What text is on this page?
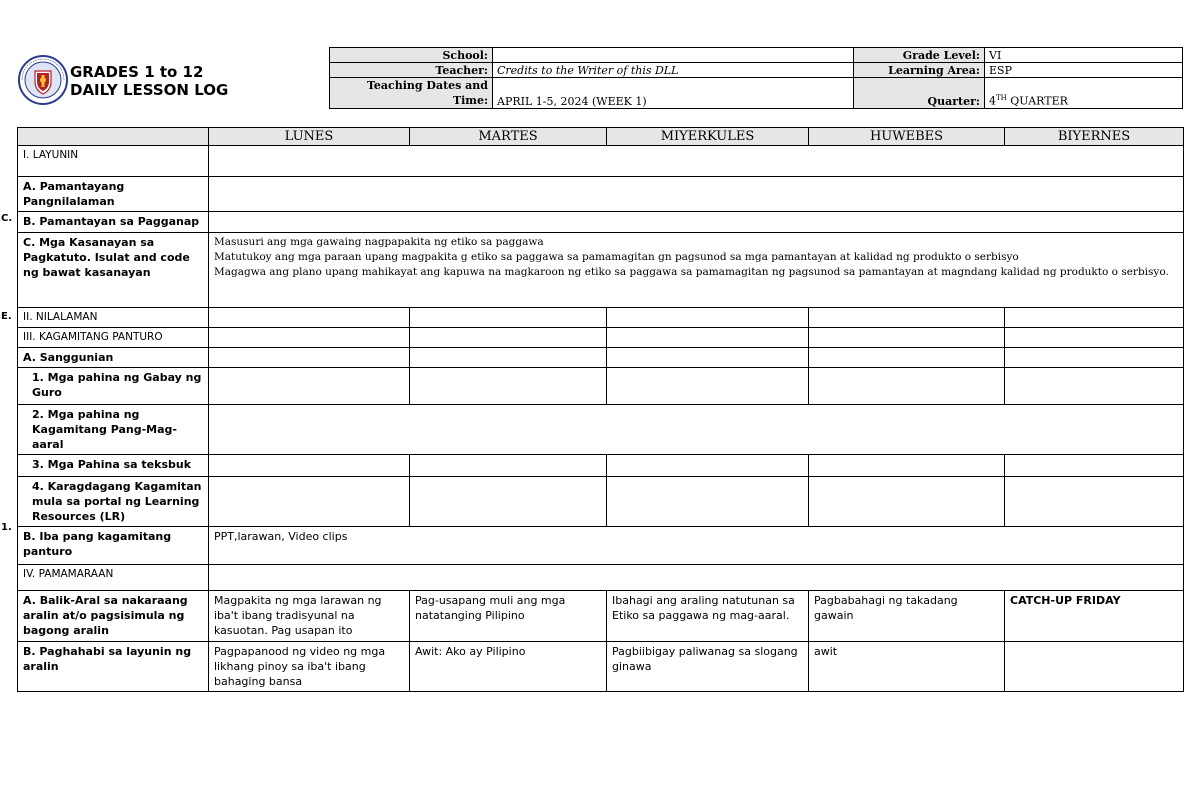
GRADES 1 to 12
DAILY LESSON LOG
School:		Grade Level:	VI
Teacher:	Credits to the Writer of this DLL	Learning Area:	ESP
Teaching Dates and Time:	APRIL 1-5, 2024 (WEEK 1)	Quarter:	4TH QUARTER
C.
E.
1.
	LUNES	MARTES	MIYERKULES	HUWEBES	BIYERNES
I. LAYUNIN					
A. Pamantayang Pangnilalaman					
B. Pamantayan sa Pagganap					
C. Mga Kasanayan sa Pagkatuto. Isulat and code ng bawat kasanayan	Masusuri ang mga gawaing nagpapakita ng etiko sa paggawa
Matutukoy ang mga paraan upang magpakita g etiko sa paggawa sa pamamagitan gn pagsunod sa mga pamantayan at kalidad ng produkto o serbisyo
Magagwa ang plano upang mahikayat ang kapuwa na magkaroon ng etiko sa paggawa sa pamamagitan ng pagsunod sa pamantayan at magndang kalidad ng produkto o serbisyo.				

II. NILALAMAN					
III. KAGAMITANG PANTURO					
A. Sanggunian					
1. Mga pahina ng Gabay ng Guro					
2. Mga pahina ng Kagamitang Pang-Mag-aaral					
3. Mga Pahina sa teksbuk					
4. Karagdagang Kagamitan mula sa portal ng Learning Resources (LR)					
B. Iba pang kagamitang panturo	PPT,larawan, Video clips				
IV. PAMAMARAAN					
A. Balik-Aral sa nakaraang aralin at/o pagsisimula ng bagong aralin	Magpakita ng mga larawan ng iba't ibang tradisyunal na kasuotan. Pag usapan ito	Pag-usapang muli ang mga natatanging Pilipino	Ibahagi ang araling natutunan sa Etiko sa paggawa ng mag-aaral.	Pagbabahagi ng takadang gawain	CATCH-UP FRIDAY
B. Paghahabi sa layunin ng aralin	Pagpapanood ng video ng mga likhang pinoy sa iba't ibang bahaging bansa	Awit: Ako ay Pilipino	Pagbiibigay paliwanag sa slogang ginawa	awit	
